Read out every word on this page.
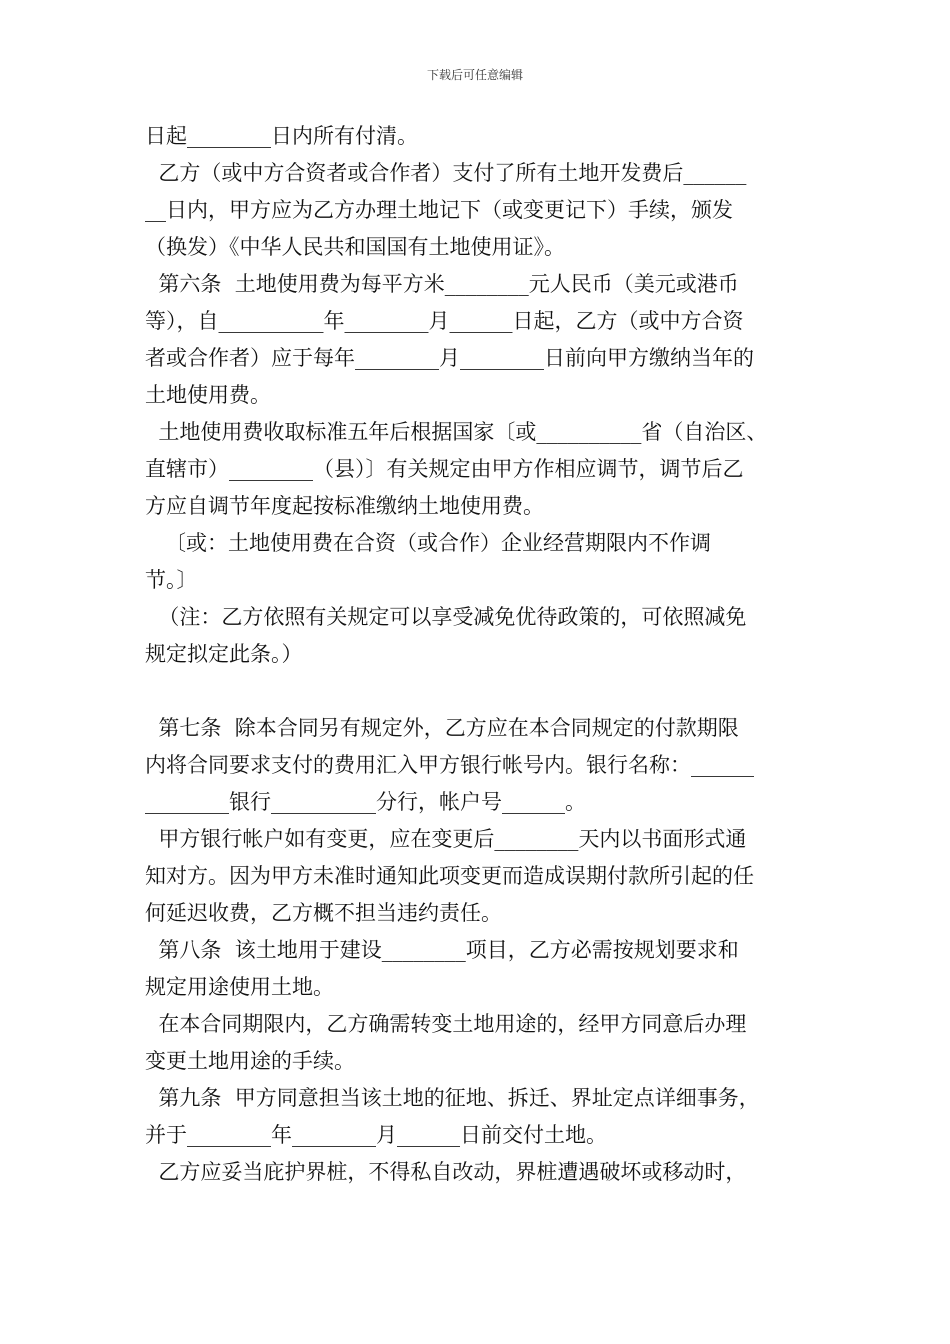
下载后可任意编辑
日起________日内所有付清。
乙方（或中方合资者或合作者）支付了所有土地开发费后______
__日内，甲方应为乙方办理土地记下（或变更记下）手续，颁发
（换发）《中华人民共和国国有土地使用证》。
第六条  土地使用费为每平方米________元人民币（美元或港币
等），自__________年________月______日起，乙方（或中方合资
者或合作者）应于每年________月________日前向甲方缴纳当年的
土地使用费。
土地使用费收取标准五年后根据国家〔或__________省（自治区、
直辖市）________（县）〕有关规定由甲方作相应调节，调节后乙
方应自调节年度起按标准缴纳土地使用费。
〔或：土地使用费在合资（或合作）企业经营期限内不作调
节。〕
（注：乙方依照有关规定可以享受减免优待政策的，可依照减免
规定拟定此条。）
第七条  除本合同另有规定外，乙方应在本合同规定的付款期限
内将合同要求支付的费用汇入甲方银行帐号内。银行名称：______
________银行__________分行，帐户号______。
甲方银行帐户如有变更，应在变更后________天内以书面形式通
知对方。因为甲方未准时通知此项变更而造成误期付款所引起的任
何延迟收费，乙方概不担当违约责任。
第八条  该土地用于建设________项目，乙方必需按规划要求和
规定用途使用土地。
在本合同期限内，乙方确需转变土地用途的，经甲方同意后办理
变更土地用途的手续。
第九条  甲方同意担当该土地的征地、拆迁、界址定点详细事务，
并于________年________月______日前交付土地。
乙方应妥当庇护界桩，不得私自改动，界桩遭遇破坏或移动时，
